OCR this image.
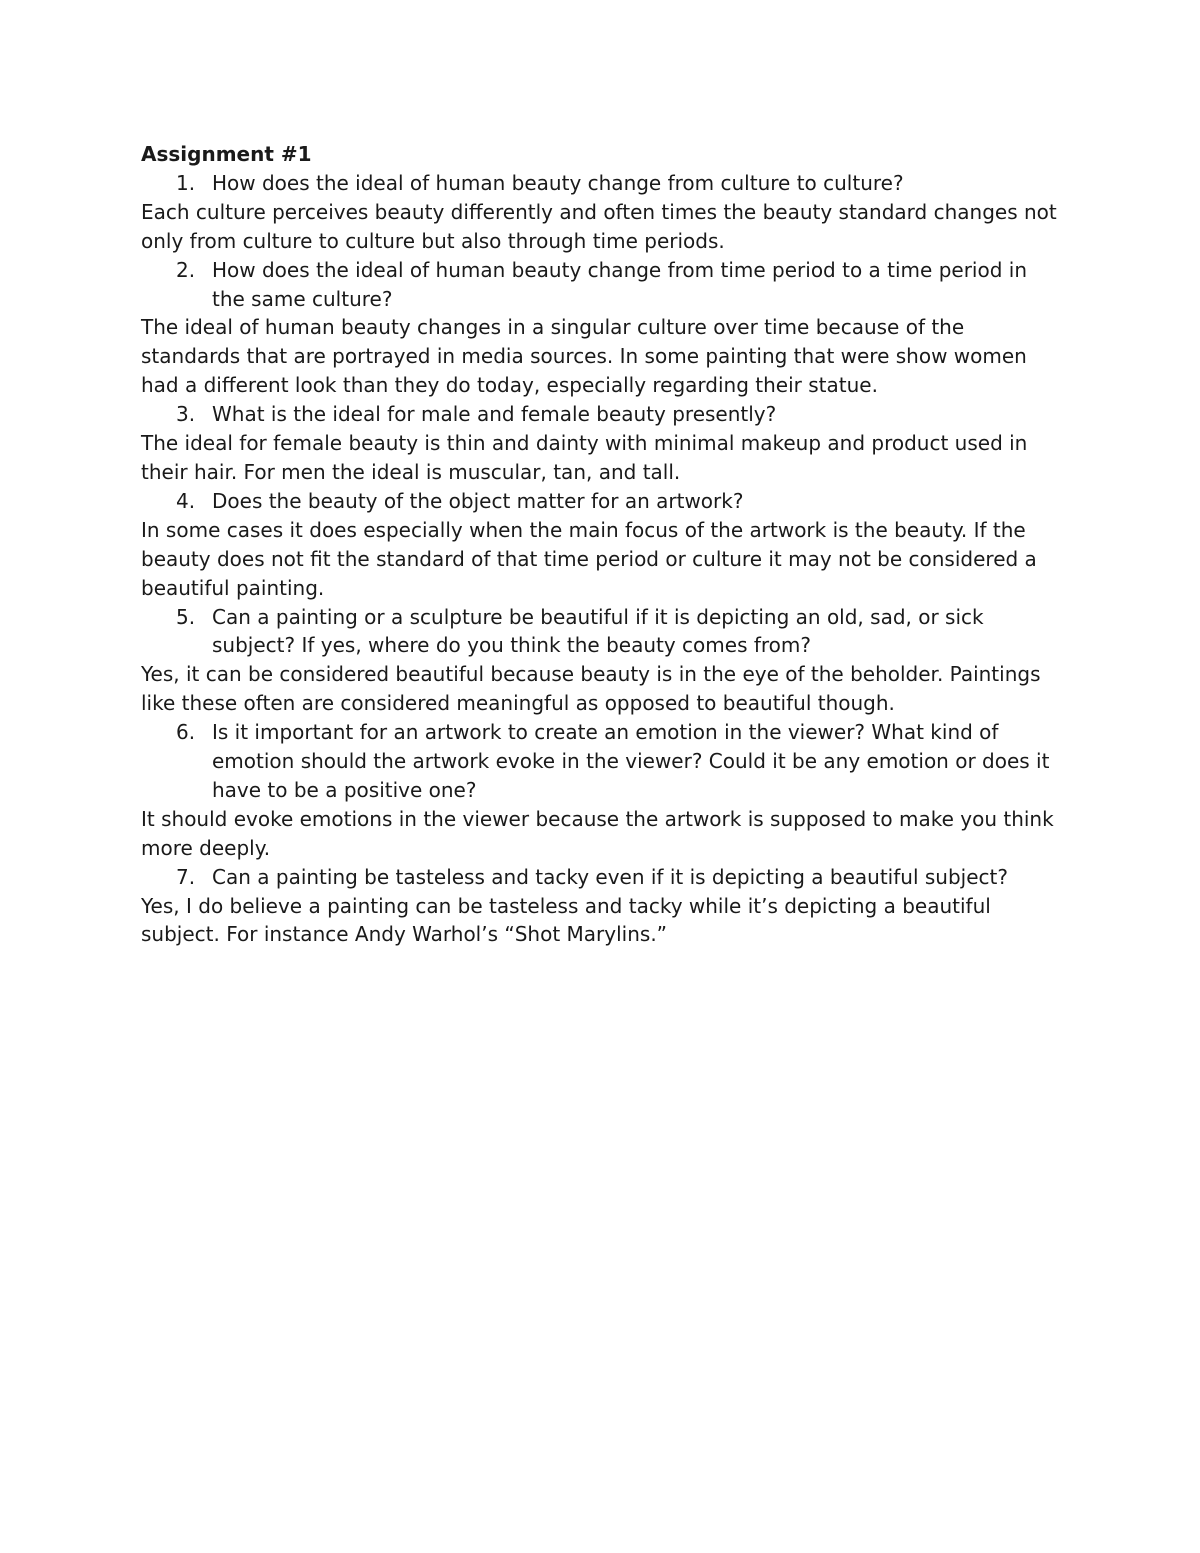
Assignment #1

1. How does the ideal of human beauty change from culture to culture?

Each culture perceives beauty differently and often times the beauty standard changes not only from culture to culture but also through time periods.

2. How does the ideal of human beauty change from time period to a time period in the same culture?

The ideal of human beauty changes in a singular culture over time because of the standards that are portrayed in media sources. In some painting that were show women had a different look than they do today, especially regarding their statue.

3. What is the ideal for male and female beauty presently?

The ideal for female beauty is thin and dainty with minimal makeup and product used in their hair. For men the ideal is muscular, tan, and tall.

4. Does the beauty of the object matter for an artwork?

In some cases it does especially when the main focus of the artwork is the beauty. If the beauty does not fit the standard of that time period or culture it may not be considered a beautiful painting.

5. Can a painting or a sculpture be beautiful if it is depicting an old, sad, or sick subject? If yes, where do you think the beauty comes from?

Yes, it can be considered beautiful because beauty is in the eye of the beholder. Paintings like these often are considered meaningful as opposed to beautiful though.

6. Is it important for an artwork to create an emotion in the viewer? What kind of emotion should the artwork evoke in the viewer? Could it be any emotion or does it have to be a positive one?

It should evoke emotions in the viewer because the artwork is supposed to make you think more deeply.

7. Can a painting be tasteless and tacky even if it is depicting a beautiful subject?

Yes, I do believe a painting can be tasteless and tacky while it’s depicting a beautiful subject. For instance Andy Warhol’s “Shot Marylins.”
